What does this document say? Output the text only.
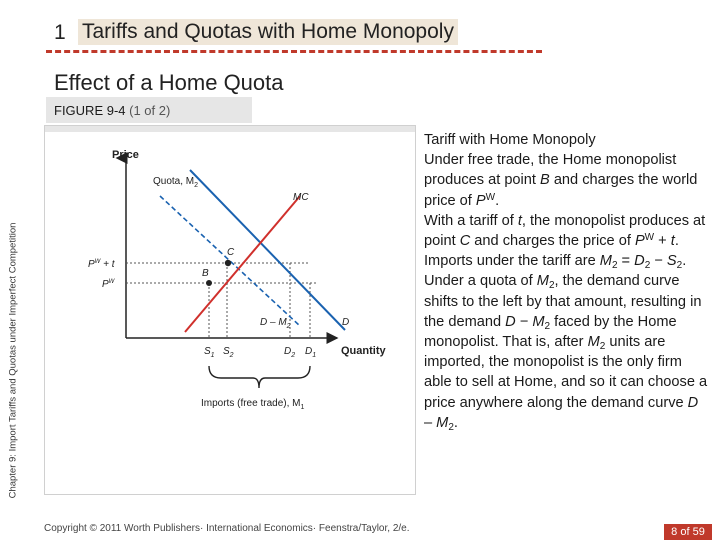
1 Tariffs and Quotas with Home Monopoly
Effect of a Home Quota
Chapter 9: Import Tariffs and Quotas under Imperfect Competition
FIGURE 9-4 (1 of 2)
Price
Quantity
C
B
Quota, $M_2$
MC
D – $M_2$	D
$P^W + t$
$P^W$
$S_1$ $S_2$	$D_2$ $D_1$
Imports (free trade), $M_1$

Tariff with Home Monopoly

Under free trade, the Home monopolist produces at point B and charges the world price of $P^W$.

With a tariff of t, the monopolist produces at point C and charges the price of $P^W + t$.

Imports under the tariff are $M_2 = D_2 - S_2$.

Under a quota of $M_2$, the demand curve shifts to the left by that amount, resulting in the demand $D - M_2$ faced by the Home monopolist. That is, after $M_2$ units are imported, the monopolist is the only firm able to sell at Home, and so it can choose a price anywhere along the demand curve D – $M_2$.

Copyright © 2011 Worth Publishers· International Economics· Feenstra/Taylor, 2/e.	8 of 59
